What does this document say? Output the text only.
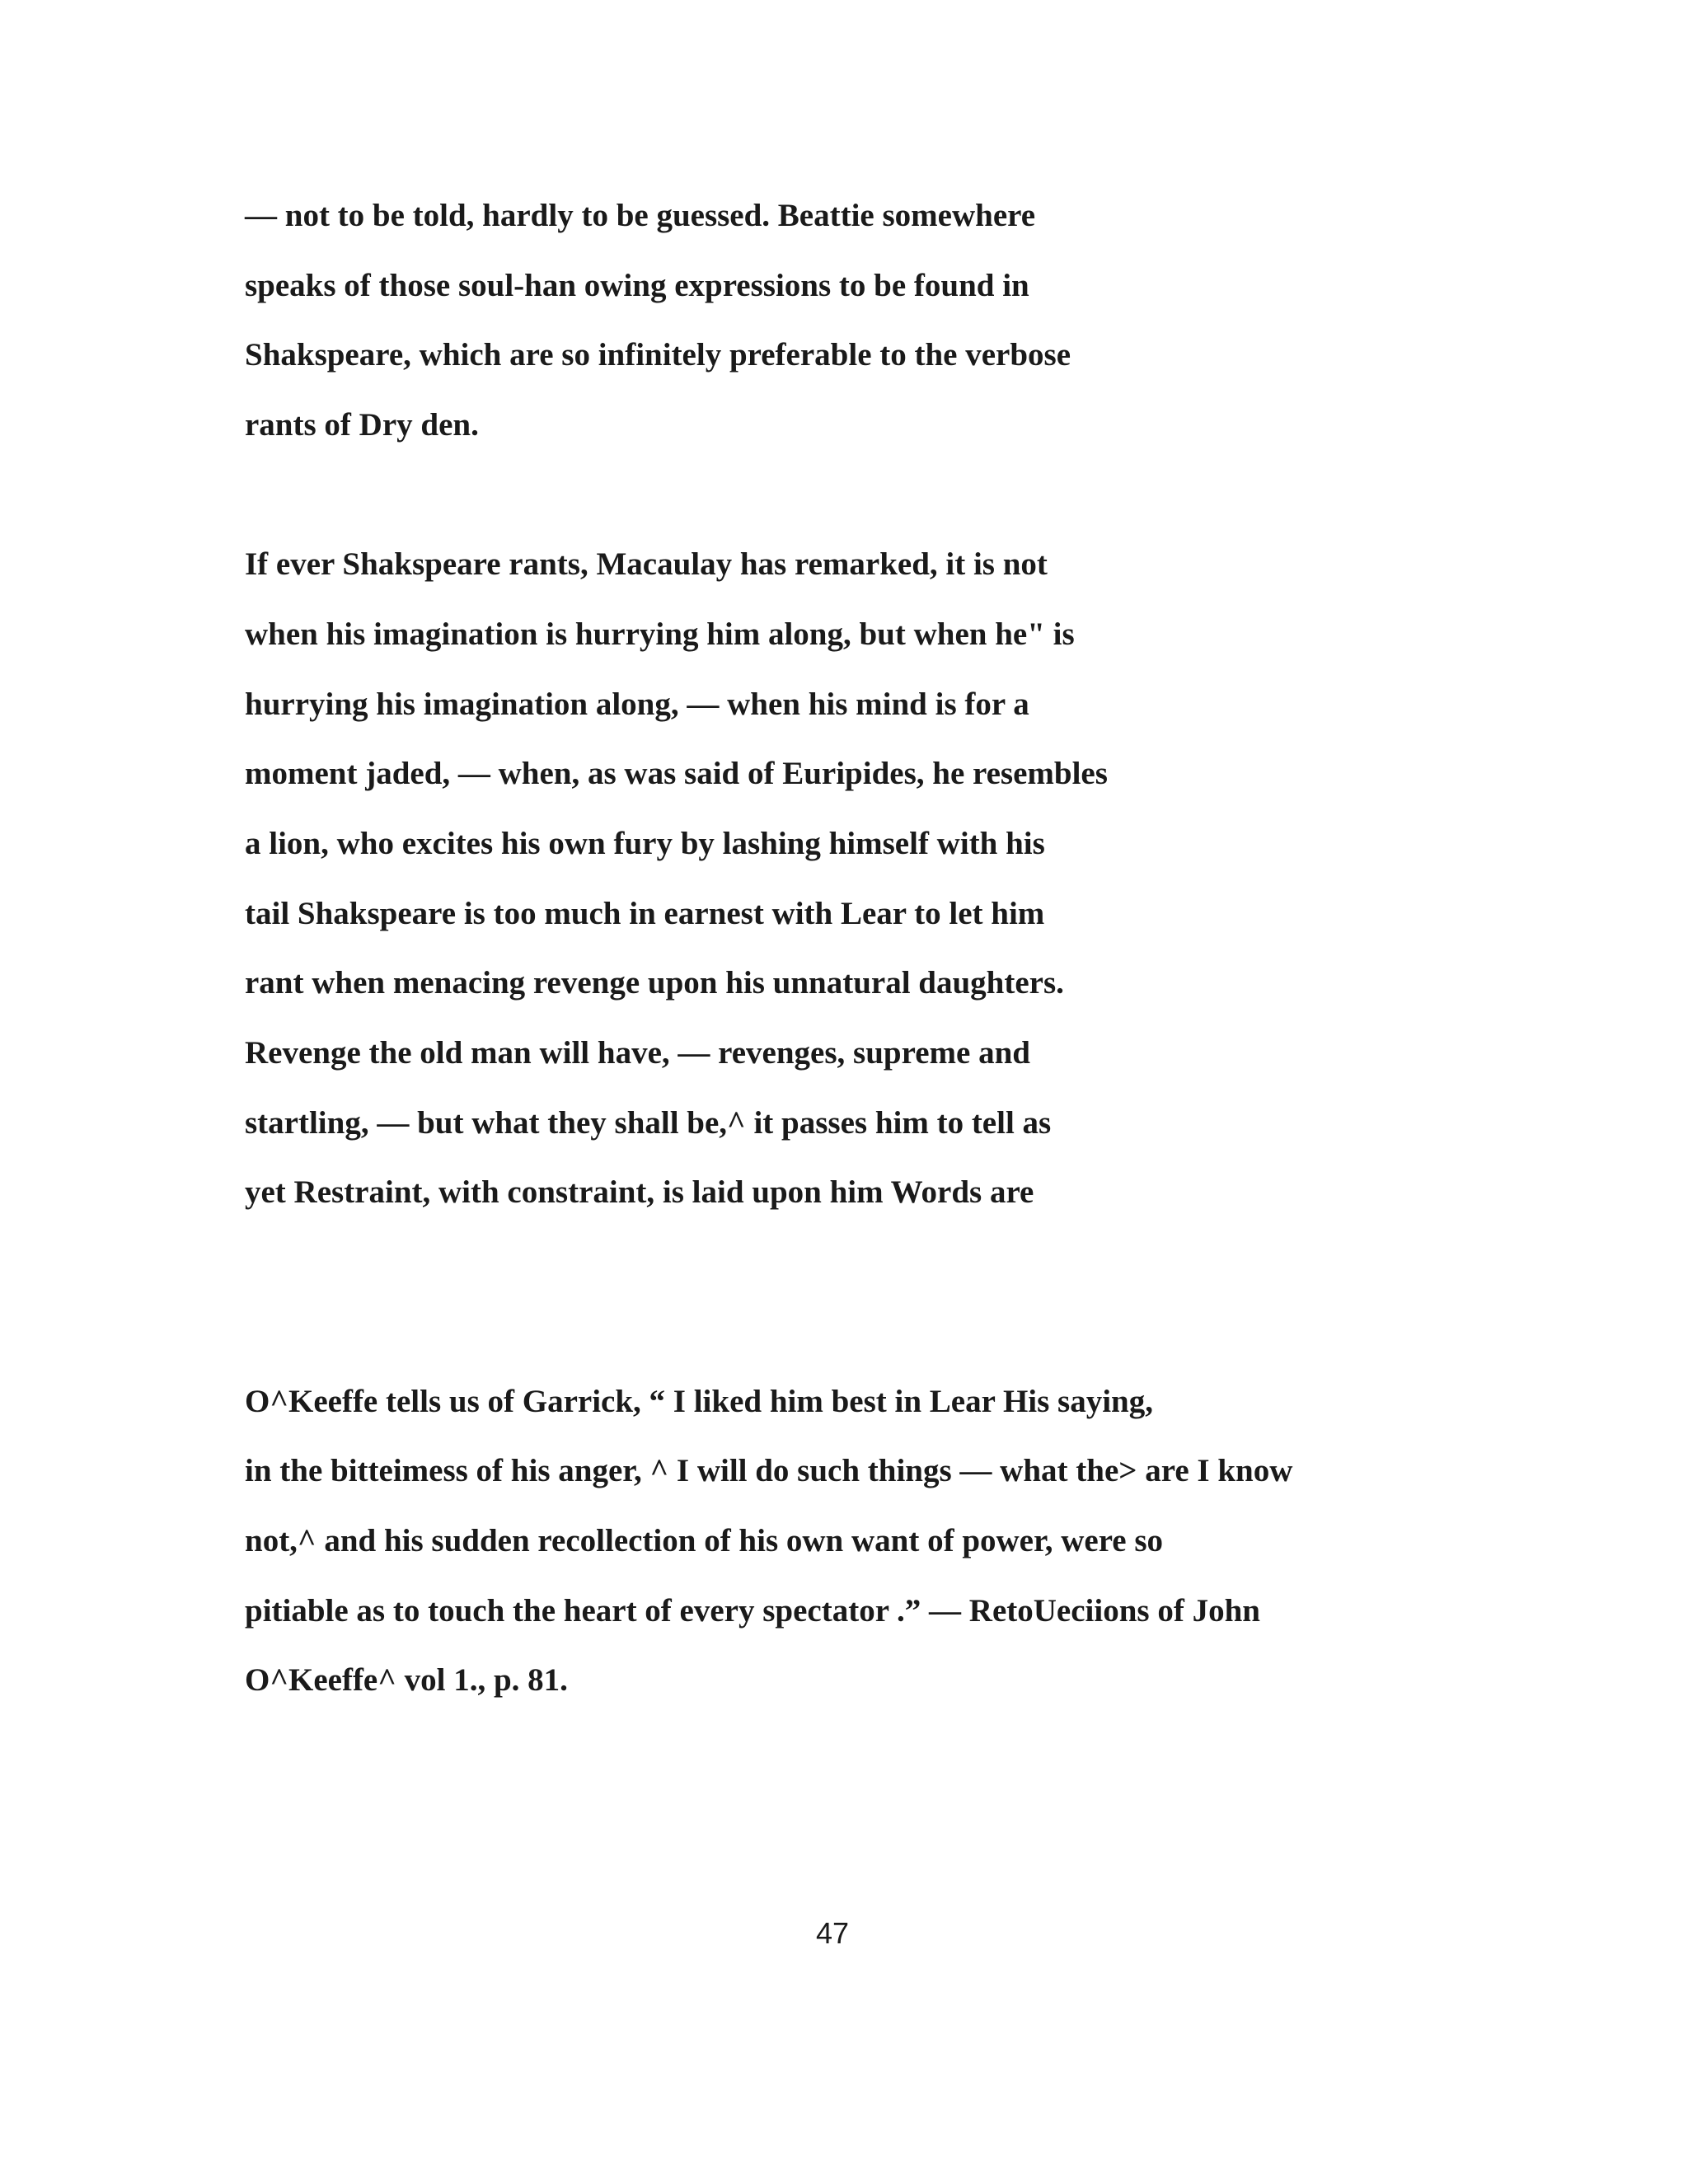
— not to be told, hardly to be guessed. Beattie somewhere

speaks of those soul-han owing expressions to be found in

Shakspeare, which are so infinitely preferable to the verbose

rants of Dry den.

If ever Shakspeare rants, Macaulay has remarked, it is not

when his imagination is hurrying him along, but when he" is

hurrying his imagination along, — when his mind is for a

moment jaded, — when, as was said of Euripides, he resembles

a lion, who excites his own fury by lashing himself with his

tail Shakspeare is too much in earnest with Lear to let him

rant when menacing revenge upon his unnatural daughters.

Revenge the old man will have, — revenges, supreme and

startling, — but what they shall be,^ it passes him to tell as

yet Restraint, with constraint, is laid upon him Words are

O^Keeffe tells us of Garrick, “ I liked him best in Lear His saying,

in the bitteimess of his anger, ^ I will do such things — what the> are I know

not,^ and his sudden recollection of his own want of power, were so

pitiable as to touch the heart of every spectator .” — RetoUeciions of John

O^Keeffe^ vol 1., p. 81.

47
